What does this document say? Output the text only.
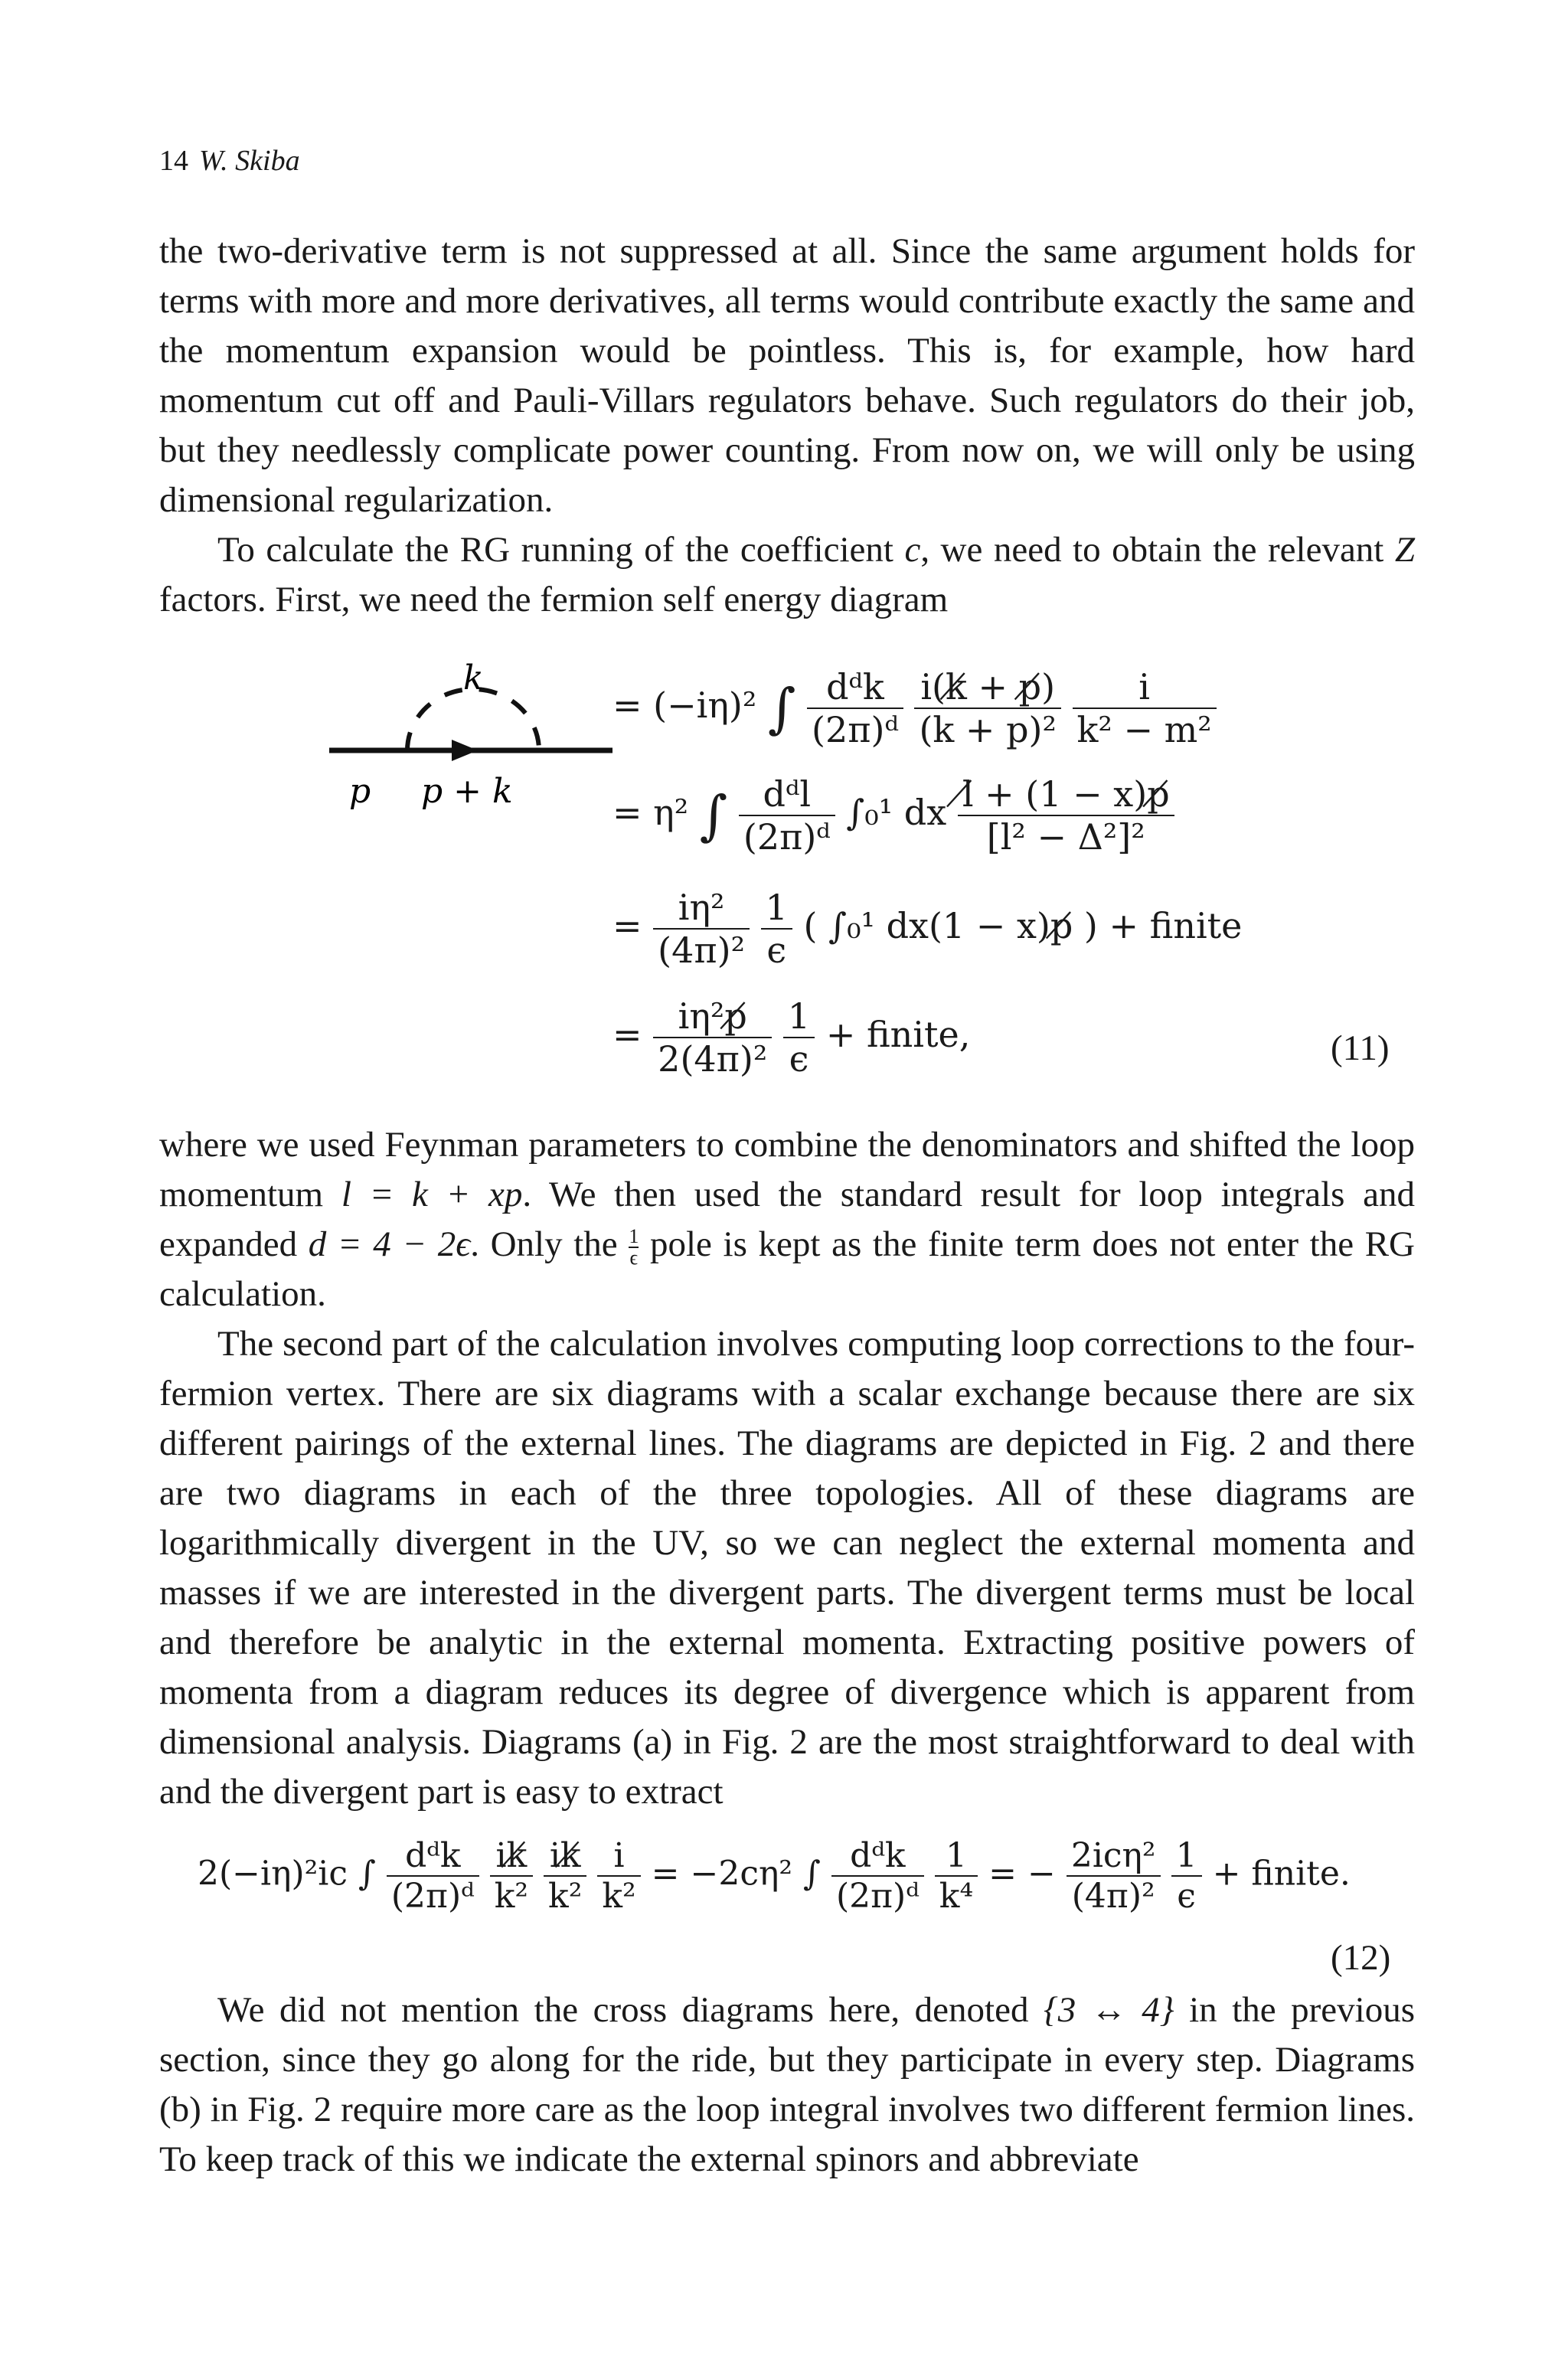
14 W. Skiba
the two-derivative term is not suppressed at all. Since the same argument holds for terms with more and more derivatives, all terms would contribute exactly the same and the momentum expansion would be pointless. This is, for example, how hard momentum cut off and Pauli-Villars regulators behave. Such regulators do their job, but they needlessly complicate power counting. From now on, we will only be using dimensional regularization.
To calculate the RG running of the coefficient c, we need to obtain the relevant Z factors. First, we need the fermion self energy diagram
k
p p + k
= (−iη)² ∫ $\frac{\text{dᵈk}}{\text{(2π)ᵈ}}$
$\frac{i(k̸ + p̸)}{\text{(k + p)²}}$
$\frac{i}{\text{k² − m²}}$
= η² ∫ $\frac{\text{dᵈl}}{\text{(2π)ᵈ}} \int_0^1$ dx $\frac{l̸ + (1 - x)p̸}{\text{[l² − Δ²]²}}$
= $\frac{\text{iη²}}{\text{(4π)²}}$
$\frac{1}{\epsilon}$ ( ∫₀¹ dx(1 − x)p̸ ) + finite
= $\frac{\text{iη²p̸}}{\text{2(4π)²}}$
$\frac{1}{\epsilon}$ + finite,	(11)
where we used Feynman parameters to combine the denominators and shifted the loop momentum l = k + xp. We then used the standard result for loop integrals and expanded d = 4 − 2ϵ. Only the $\frac{1}{\epsilon}$ pole is kept as the finite term does not enter the RG calculation.
The second part of the calculation involves computing loop corrections to the four-fermion vertex. There are six diagrams with a scalar exchange because there are six different pairings of the external lines. The diagrams are depicted in Fig. 2 and there are two diagrams in each of the three topologies. All of these diagrams are logarithmically divergent in the UV, so we can neglect the external momenta and masses if we are interested in the divergent parts. The divergent terms must be local and therefore be analytic in the external momenta. Extracting positive powers of momenta from a diagram reduces its degree of divergence which is apparent from dimensional analysis. Diagrams (a) in Fig. 2 are the most straightforward to deal with and the divergent part is easy to extract
2(−iη)²ic ∫ $\frac{\text{dᵈk}}{\text{(2π)ᵈ}}$
$\frac{ik̸}{\text{k²}}$
$\frac{ik̸}{\text{k²}}$
$\frac{i}{\text{k²}} = -2c\eta^2$ ∫ $\frac{\text{dᵈk}}{\text{(2π)ᵈ}}$
$\frac{1}{\text{k⁴}}$ = − $\frac{\text{2icη²}}{\text{(4π)²}}$
$\frac{1}{\epsilon}$ + finite.
(12)
We did not mention the cross diagrams here, denoted {3 ↔ 4} in the previous section, since they go along for the ride, but they participate in every step. Diagrams (b) in Fig. 2 require more care as the loop integral involves two different fermion lines. To keep track of this we indicate the external spinors and abbreviate
